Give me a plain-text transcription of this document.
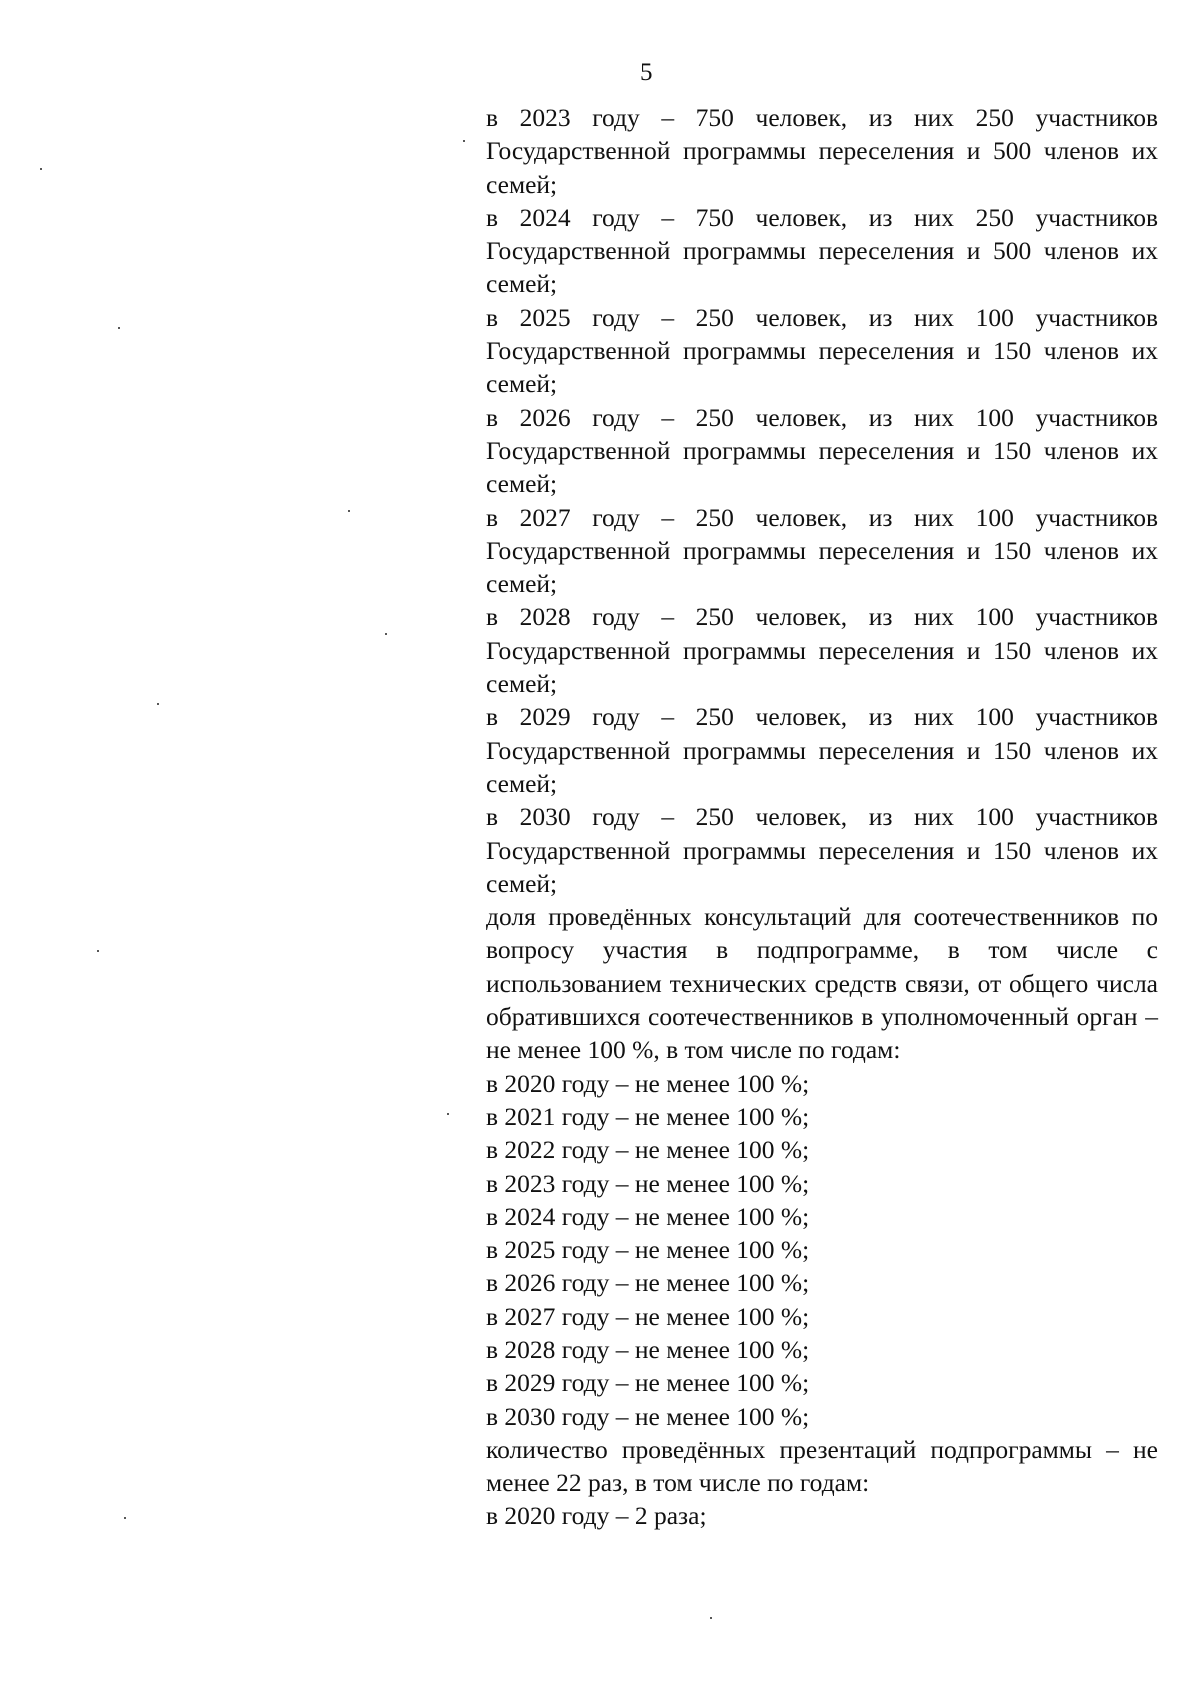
5

в 2023 году – 750 человек, из них 250 участников Государственной программы переселения и 500 членов их семей;

в 2024 году – 750 человек, из них 250 участников Государственной программы переселения и 500 членов их семей;

в 2025 году – 250 человек, из них 100 участников Государственной программы переселения и 150 членов их семей;

в 2026 году – 250 человек, из них 100 участников Государственной программы переселения и 150 членов их семей;

в 2027 году – 250 человек, из них 100 участников Государственной программы переселения и 150 членов их семей;

в 2028 году – 250 человек, из них 100 участников Государственной программы переселения и 150 членов их семей;

в 2029 году – 250 человек, из них 100 участников Государственной программы переселения и 150 членов их семей;

в 2030 году – 250 человек, из них 100 участников Государственной программы переселения и 150 членов их семей;

доля проведённых консультаций для соотечественников по вопросу участия в подпрограмме, в том числе с использованием технических средств связи, от общего числа обратившихся соотечественников в уполномоченный орган – не менее 100 %, в том числе по годам:

в 2020 году – не менее 100 %;
в 2021 году – не менее 100 %;
в 2022 году – не менее 100 %;
в 2023 году – не менее 100 %;
в 2024 году – не менее 100 %;
в 2025 году – не менее 100 %;
в 2026 году – не менее 100 %;
в 2027 году – не менее 100 %;
в 2028 году – не менее 100 %;
в 2029 году – не менее 100 %;
в 2030 году – не менее 100 %;

количество проведённых презентаций подпрограммы – не менее 22 раз, в том числе по годам:

в 2020 году – 2 раза;
